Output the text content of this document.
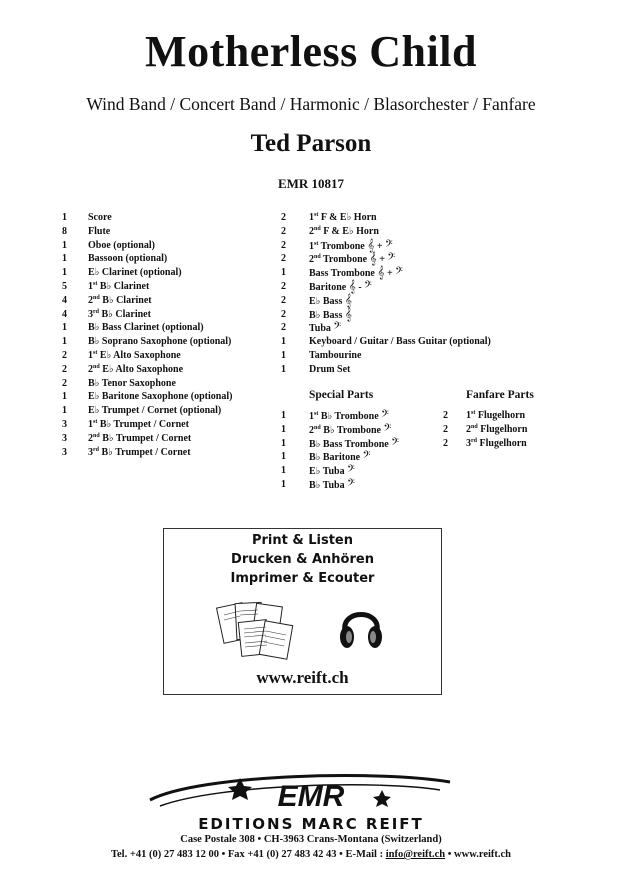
Motherless Child
Wind Band / Concert Band / Harmonic / Blasorchester / Fanfare
Ted Parson
EMR 10817
1	Score
8	Flute
1	Oboe (optional)
1	Bassoon (optional)
1	E♭ Clarinet (optional)
5	1st B♭ Clarinet
4	2nd B♭ Clarinet
4	3rd B♭ Clarinet
1	B♭ Bass Clarinet (optional)
1	B♭ Soprano Saxophone (optional)
2	1st E♭ Alto Saxophone
2	2nd E♭ Alto Saxophone
2	B♭ Tenor Saxophone
1	E♭ Baritone Saxophone (optional)
1	E♭ Trumpet / Cornet (optional)
3	1st B♭ Trumpet / Cornet
3	2nd B♭ Trumpet / Cornet
3	3rd B♭ Trumpet / Cornet
2	1st F & E♭ Horn
2	2nd F & E♭ Horn
2	1st Trombone 𝄞 + 𝄢
2	2nd Trombone 𝄞 + 𝄢
1	Bass Trombone 𝄞 + 𝄢
2	Baritone 𝄞 - 𝄢
2	E♭ Bass 𝄞
2	B♭ Bass 𝄞
2	Tuba 𝄢
1	Keyboard / Guitar / Bass Guitar (optional)
1	Tambourine
1	Drum Set
Special Parts	Fanfare Parts
1	1st B♭ Trombone 𝄢
1	2nd B♭ Trombone 𝄢
1	B♭ Bass Trombone 𝄢
1	B♭ Baritone 𝄢
1	E♭ Tuba 𝄢
1	B♭ Tuba 𝄢
2	1st Flugelhorn
2	2nd Flugelhorn
2	3rd Flugelhorn
Print & Listen
Drucken & Anhören
Imprimer & Ecouter
www.reift.ch
EMR
EDITIONS MARC REIFT
Case Postale 308 • CH-3963 Crans-Montana (Switzerland)
Tel. +41 (0) 27 483 12 00 • Fax +41 (0) 27 483 42 43 • E-Mail : info@reift.ch • www.reift.ch
